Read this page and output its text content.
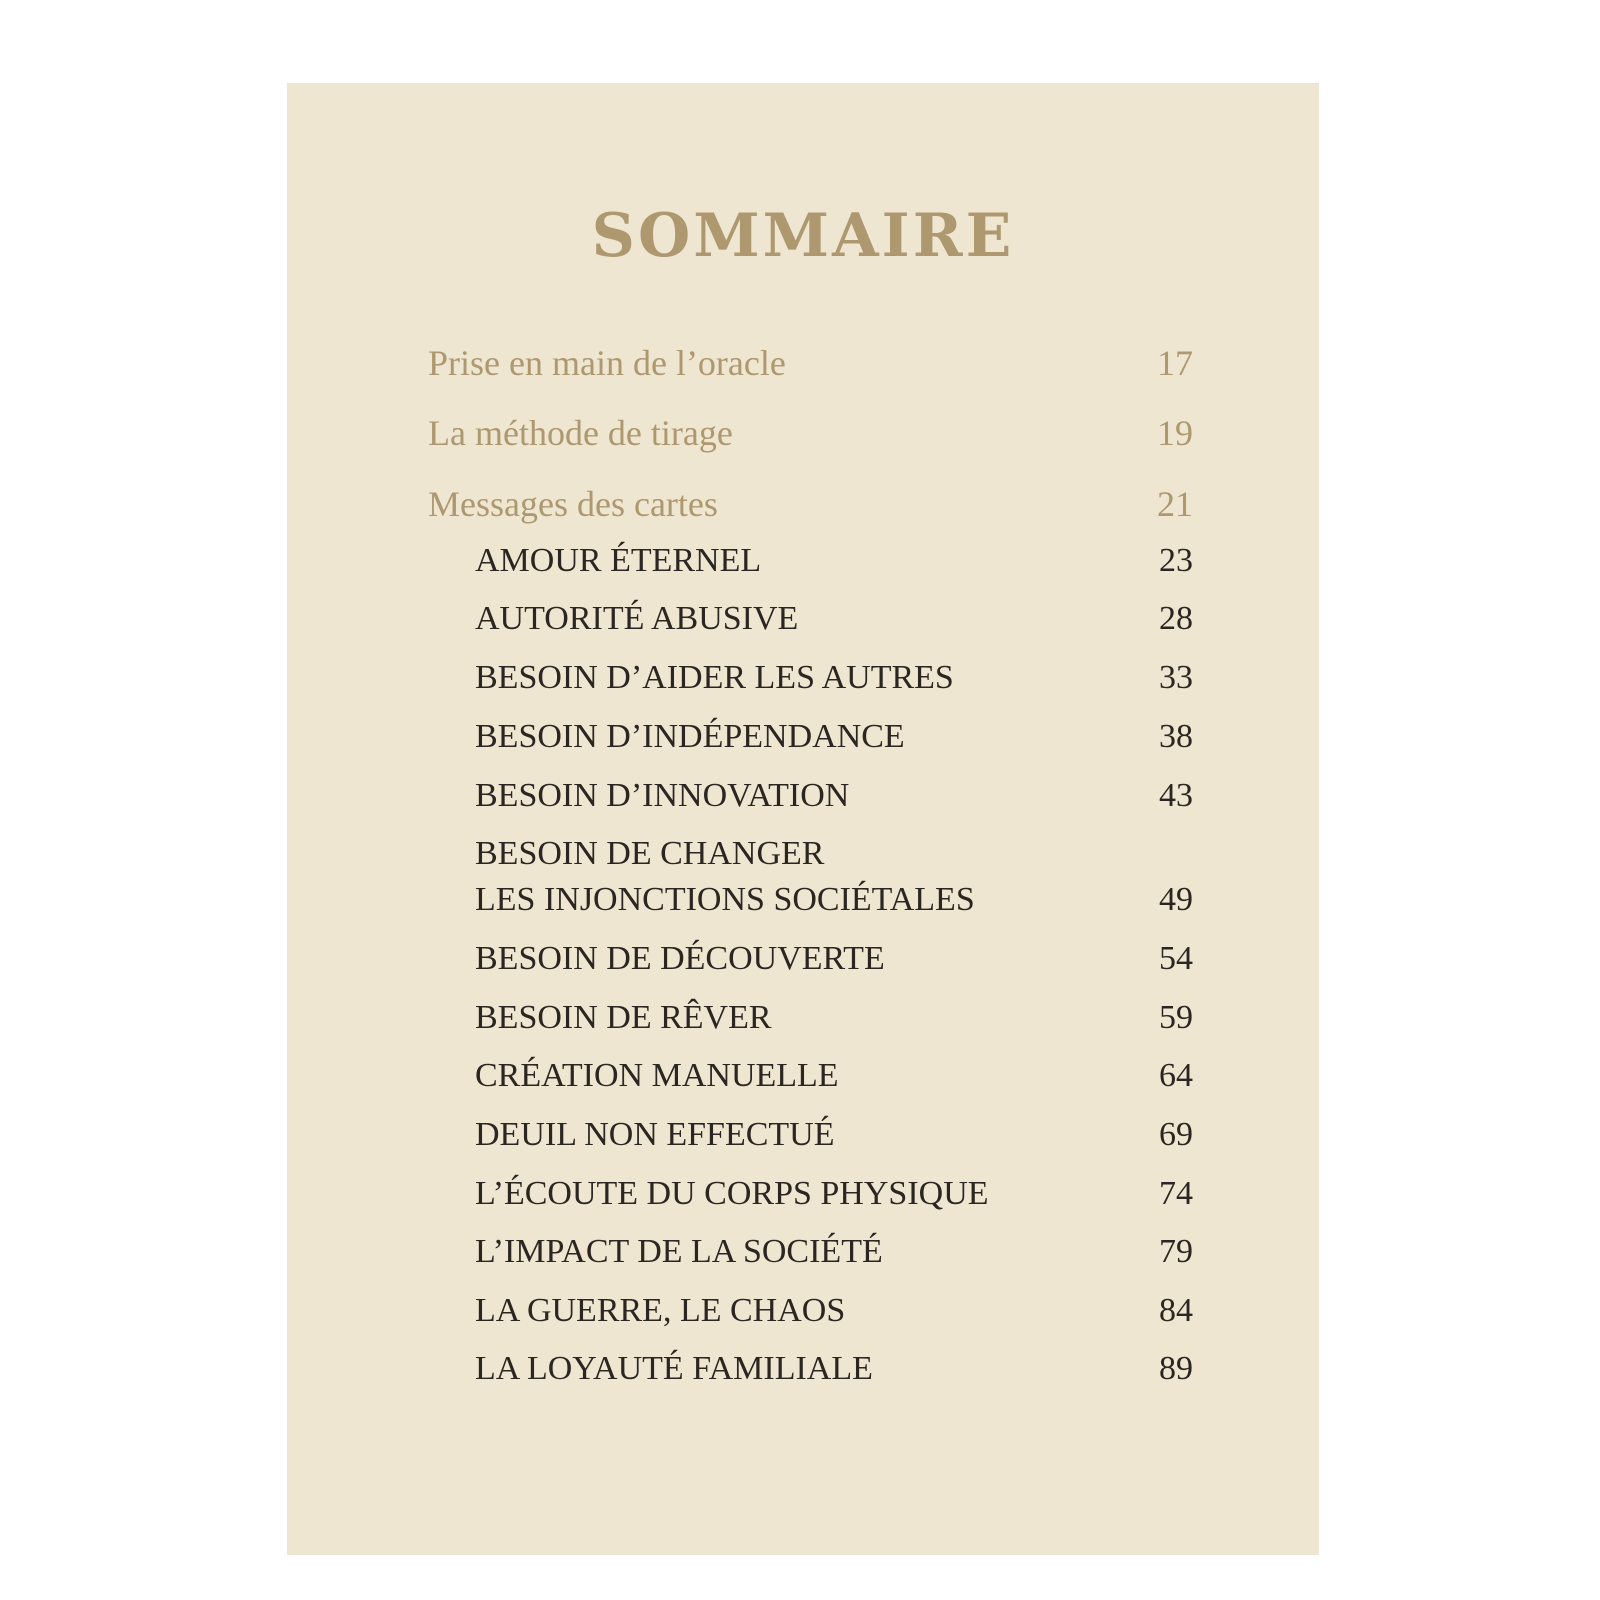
SOMMAIRE
Prise en main de l’oracle	17
La méthode de tirage	19
Messages des cartes	21
AMOUR ÉTERNEL	23
AUTORITÉ ABUSIVE	28
BESOIN D’AIDER LES AUTRES	33
BESOIN D’INDÉPENDANCE	38
BESOIN D’INNOVATION	43
BESOIN DE CHANGER
LES INJONCTIONS SOCIÉTALES	49
BESOIN DE DÉCOUVERTE	54
BESOIN DE RÊVER	59
CRÉATION MANUELLE	64
DEUIL NON EFFECTUÉ	69
L’ÉCOUTE DU CORPS PHYSIQUE	74
L’IMPACT DE LA SOCIÉTÉ	79
LA GUERRE, LE CHAOS	84
LA LOYAUTÉ FAMILIALE	89
